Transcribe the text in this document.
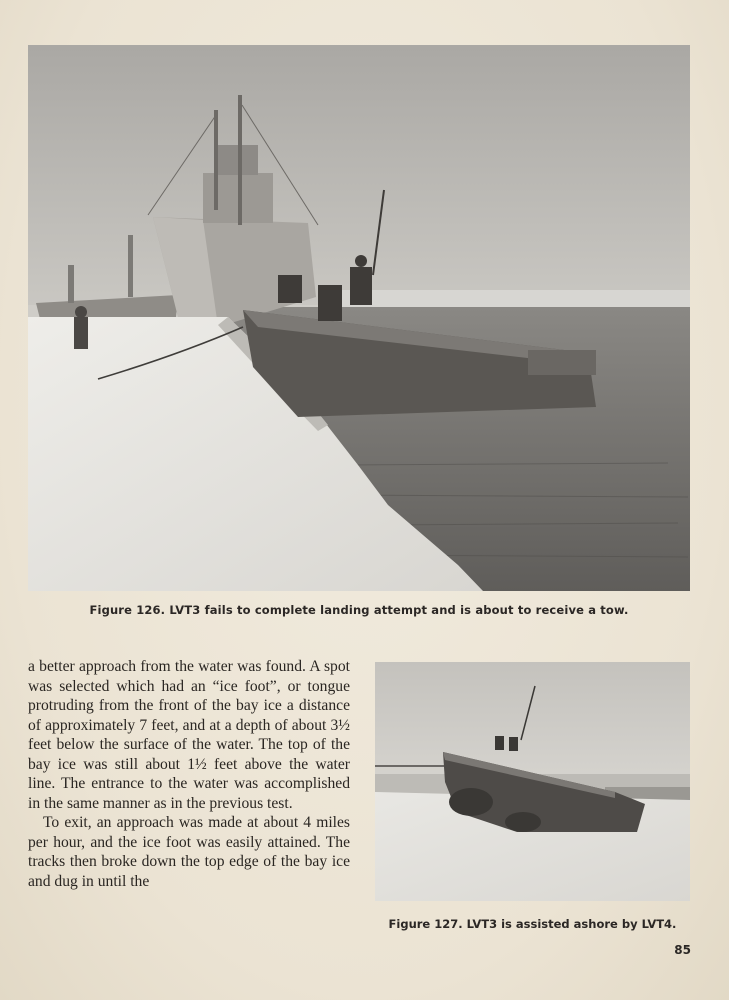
Figure 126. LVT3 fails to complete landing attempt and is about to receive a tow.

a better approach from the water was found. A spot was selected which had an “ice foot”, or tongue protruding from the front of the bay ice a distance of approximately 7 feet, and at a depth of about 3½ feet below the surface of the water. The top of the bay ice was still about 1½ feet above the water line. The entrance to the water was accomplished in the same manner as in the previous test.

To exit, an approach was made at about 4 miles per hour, and the ice foot was easily attained. The tracks then broke down the top edge of the bay ice and dug in until the

Figure 127. LVT3 is assisted ashore by LVT4.
85
